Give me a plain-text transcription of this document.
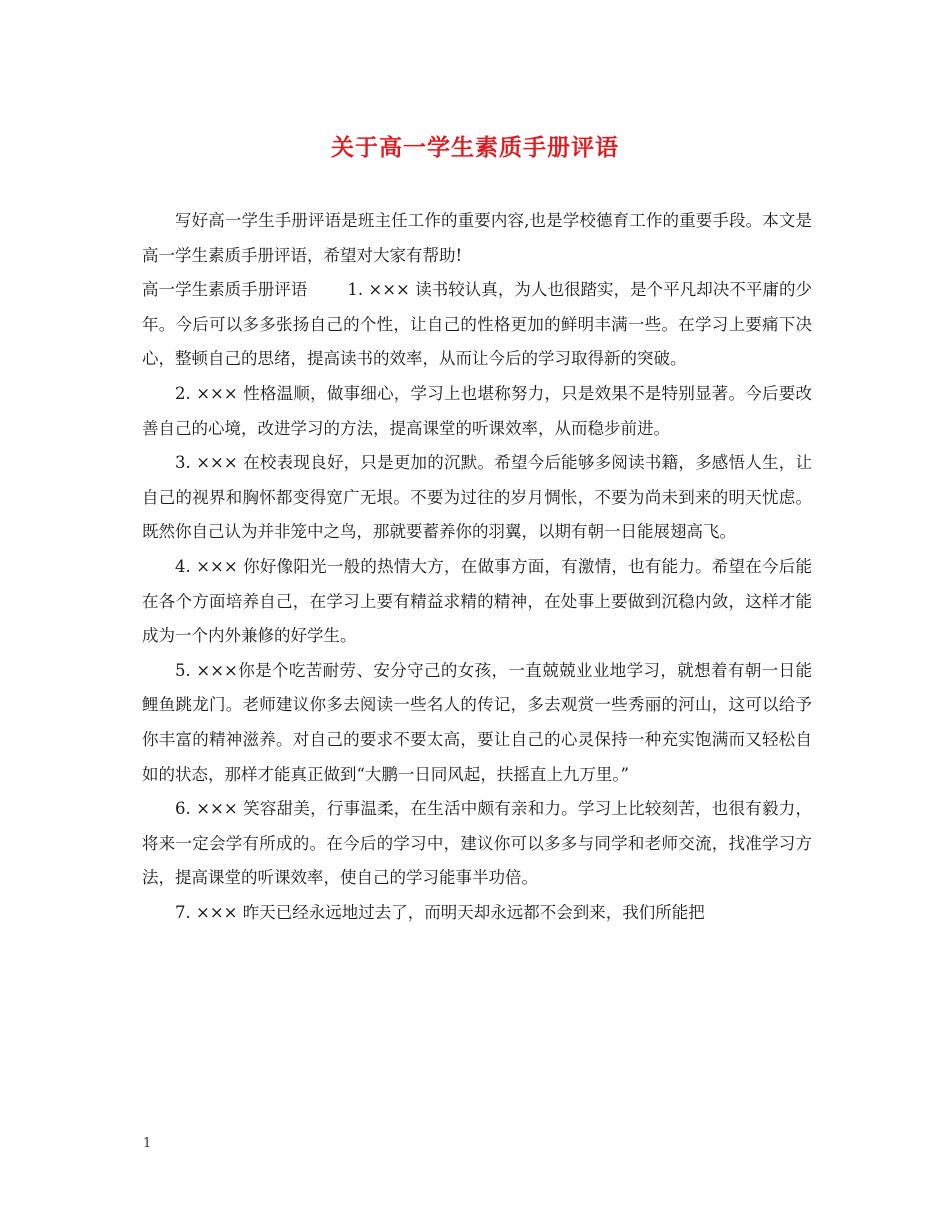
关于高一学生素质手册评语

写好高一学生手册评语是班主任工作的重要内容,也是学校德育工作的重要手段。本文是高一学生素质手册评语，希望对大家有帮助!

高一学生素质手册评语 1. ××× 读书较认真，为人也很踏实，是个平凡却决不平庸的少年。今后可以多多张扬自己的个性，让自己的性格更加的鲜明丰满一些。在学习上要痛下决心，整顿自己的思绪，提高读书的效率，从而让今后的学习取得新的突破。

2. ××× 性格温顺，做事细心，学习上也堪称努力，只是效果不是特别显著。今后要改善自己的心境，改进学习的方法，提高课堂的听课效率，从而稳步前进。

3. ××× 在校表现良好，只是更加的沉默。希望今后能够多阅读书籍，多感悟人生，让自己的视界和胸怀都变得宽广无垠。不要为过往的岁月惆怅，不要为尚未到来的明天忧虑。既然你自己认为并非笼中之鸟，那就要蓄养你的羽翼，以期有朝一日能展翅高飞。

4. ××× 你好像阳光一般的热情大方，在做事方面，有激情，也有能力。希望在今后能在各个方面培养自己，在学习上要有精益求精的精神，在处事上要做到沉稳内敛，这样才能成为一个内外兼修的好学生。

5. ×××你是个吃苦耐劳、安分守己的女孩，一直兢兢业业地学习，就想着有朝一日能鲤鱼跳龙门。老师建议你多去阅读一些名人的传记，多去观赏一些秀丽的河山，这可以给予你丰富的精神滋养。对自己的要求不要太高，要让自己的心灵保持一种充实饱满而又轻松自如的状态，那样才能真正做到“大鹏一日同风起，扶摇直上九万里。”

6. ××× 笑容甜美，行事温柔，在生活中颇有亲和力。学习上比较刻苦，也很有毅力，将来一定会学有所成的。在今后的学习中，建议你可以多多与同学和老师交流，找准学习方法，提高课堂的听课效率，使自己的学习能事半功倍。

7. ××× 昨天已经永远地过去了，而明天却永远都不会到来，我们所能把

1
